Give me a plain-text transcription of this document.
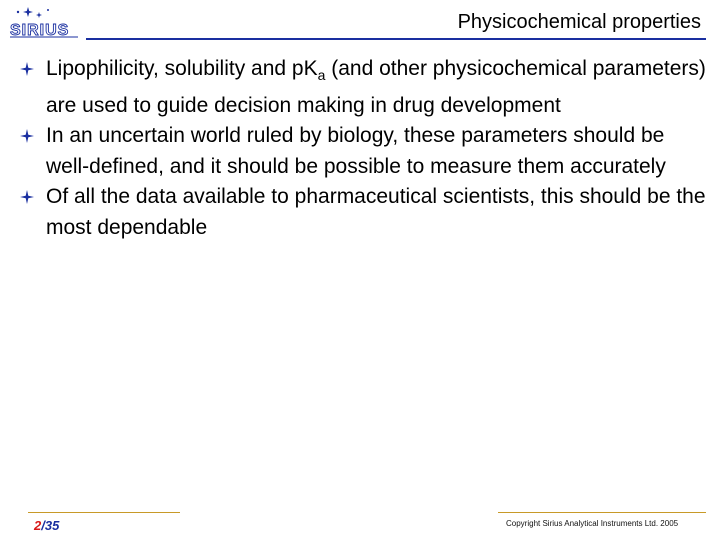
SIRIUS	Physicochemical properties
Lipophilicity, solubility and $pK_a$ (and other physicochemical parameters) are used to guide decision making in drug development
In an uncertain world ruled by biology, these parameters should be well-defined, and it should be possible to measure them accurately
Of all the data available to pharmaceutical scientists, this should be the most dependable
2/35	Copyright Sirius Analytical Instruments Ltd. 2005
